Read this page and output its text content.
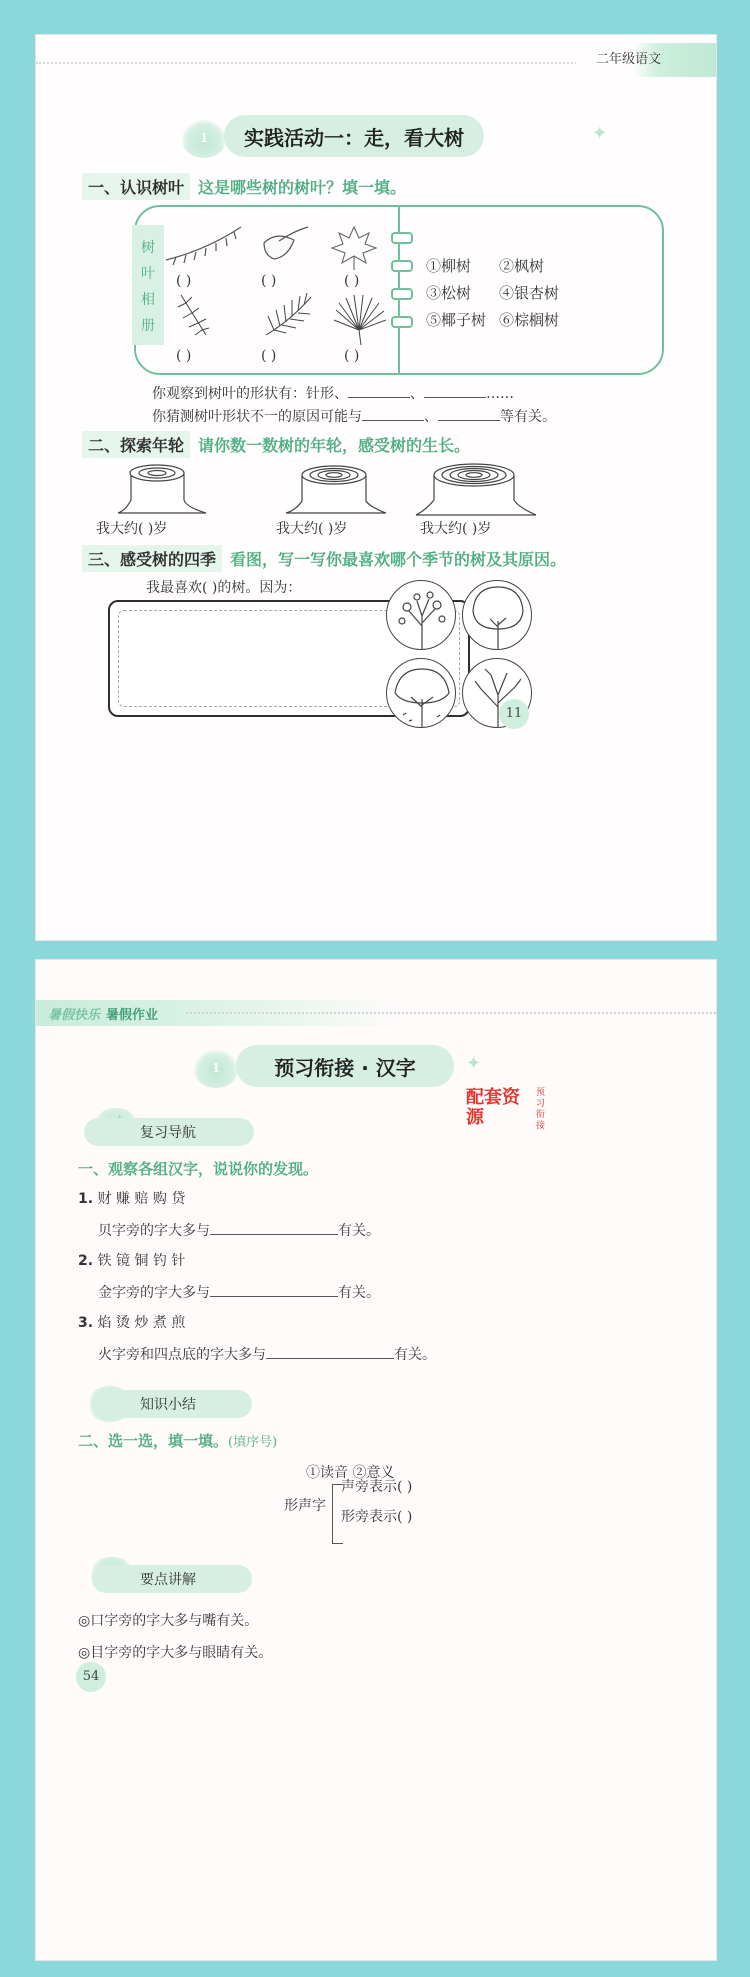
二年级语文
1	实践活动一：走，看大树	✦
一、认识树叶 这是哪些树的树叶？填一填。
树
叶
相
册
( )	( )	( )
( )	( )	( )
①柳树 ②枫树
③松树 ④银杏树
⑤椰子树 ⑥棕榈树
你观察到树叶的形状有：针形、	、	……
你猜测树叶形状不一的原因可能与	、	等有关。
二、探索年轮 请你数一数树的年轮，感受树的生长。
我大约( )岁	我大约( )岁	我大约( )岁
三、感受树的四季 看图，写一写你最喜欢哪个季节的树及其原因。
我最喜欢( )的树。因为：
11
暑假快乐 暑假作业
1	预习衔接 · 汉字	✦
配套资源
预习衔接
复习导航
一、观察各组汉字，说说你的发现。
1. 财 赚 赔 购 贷
贝字旁的字大多与	有关。
2. 铁 镜 铜 钓 针
金字旁的字大多与	有关。
3. 焰 烫 炒 煮 煎
火字旁和四点底的字大多与	有关。
知识小结
二、选一选，填一填。(填序号)
①读音 ②意义
形声字
声旁表示( )
形旁表示( )
要点讲解
◎口字旁的字大多与嘴有关。
◎目字旁的字大多与眼睛有关。
54
